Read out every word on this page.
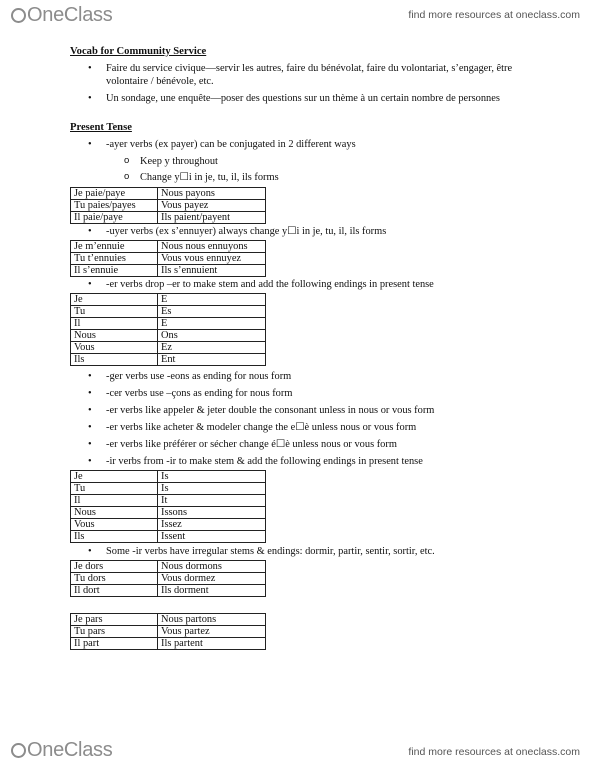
OneClass	find more resources at oneclass.com
Vocab for Community Service
• Faire du service civique—servir les autres, faire du bénévolat, faire du volontariat, s’engager, être volontaire / bénévole, etc.
• Un sondage, une enquête—poser des questions sur un thème à un certain nombre de personnes
Present Tense
• -ayer verbs (ex payer) can be conjugated in 2 different ways
o Keep y throughout
o Change y☐i in je, tu, il, ils forms
Je paie/paye	Nous payons
Tu paies/payes	Vous payez
Il paie/paye	Ils paient/payent
• -uyer verbs (ex s’ennuyer) always change y☐i in je, tu, il, ils forms
Je m’ennuie	Nous nous ennuyons
Tu t’ennuies	Vous vous ennuyez
Il s’ennuie	Ils s’ennuient
• -er verbs drop –er to make stem and add the following endings in present tense
Je	E
Tu	Es
Il	E
Nous	Ons
Vous	Ez
Ils	Ent
• -ger verbs use -eons as ending for nous form
• -cer verbs use –çons as ending for nous form
• -er verbs like appeler & jeter double the consonant unless in nous or vous form
• -er verbs like acheter & modeler change the e☐è unless nous or vous form
• -er verbs like préférer or sécher change é☐è unless nous or vous form
• -ir verbs from -ir to make stem & add the following endings in present tense
Je	Is
Tu	Is
Il	It
Nous	Issons
Vous	Issez
Ils	Issent
• Some -ir verbs have irregular stems & endings: dormir, partir, sentir, sortir, etc.
Je dors	Nous dormons
Tu dors	Vous dormez
Il dort	Ils dorment
Je pars	Nous partons
Tu pars	Vous partez
Il part	Ils partent
OneClass	find more resources at oneclass.com
